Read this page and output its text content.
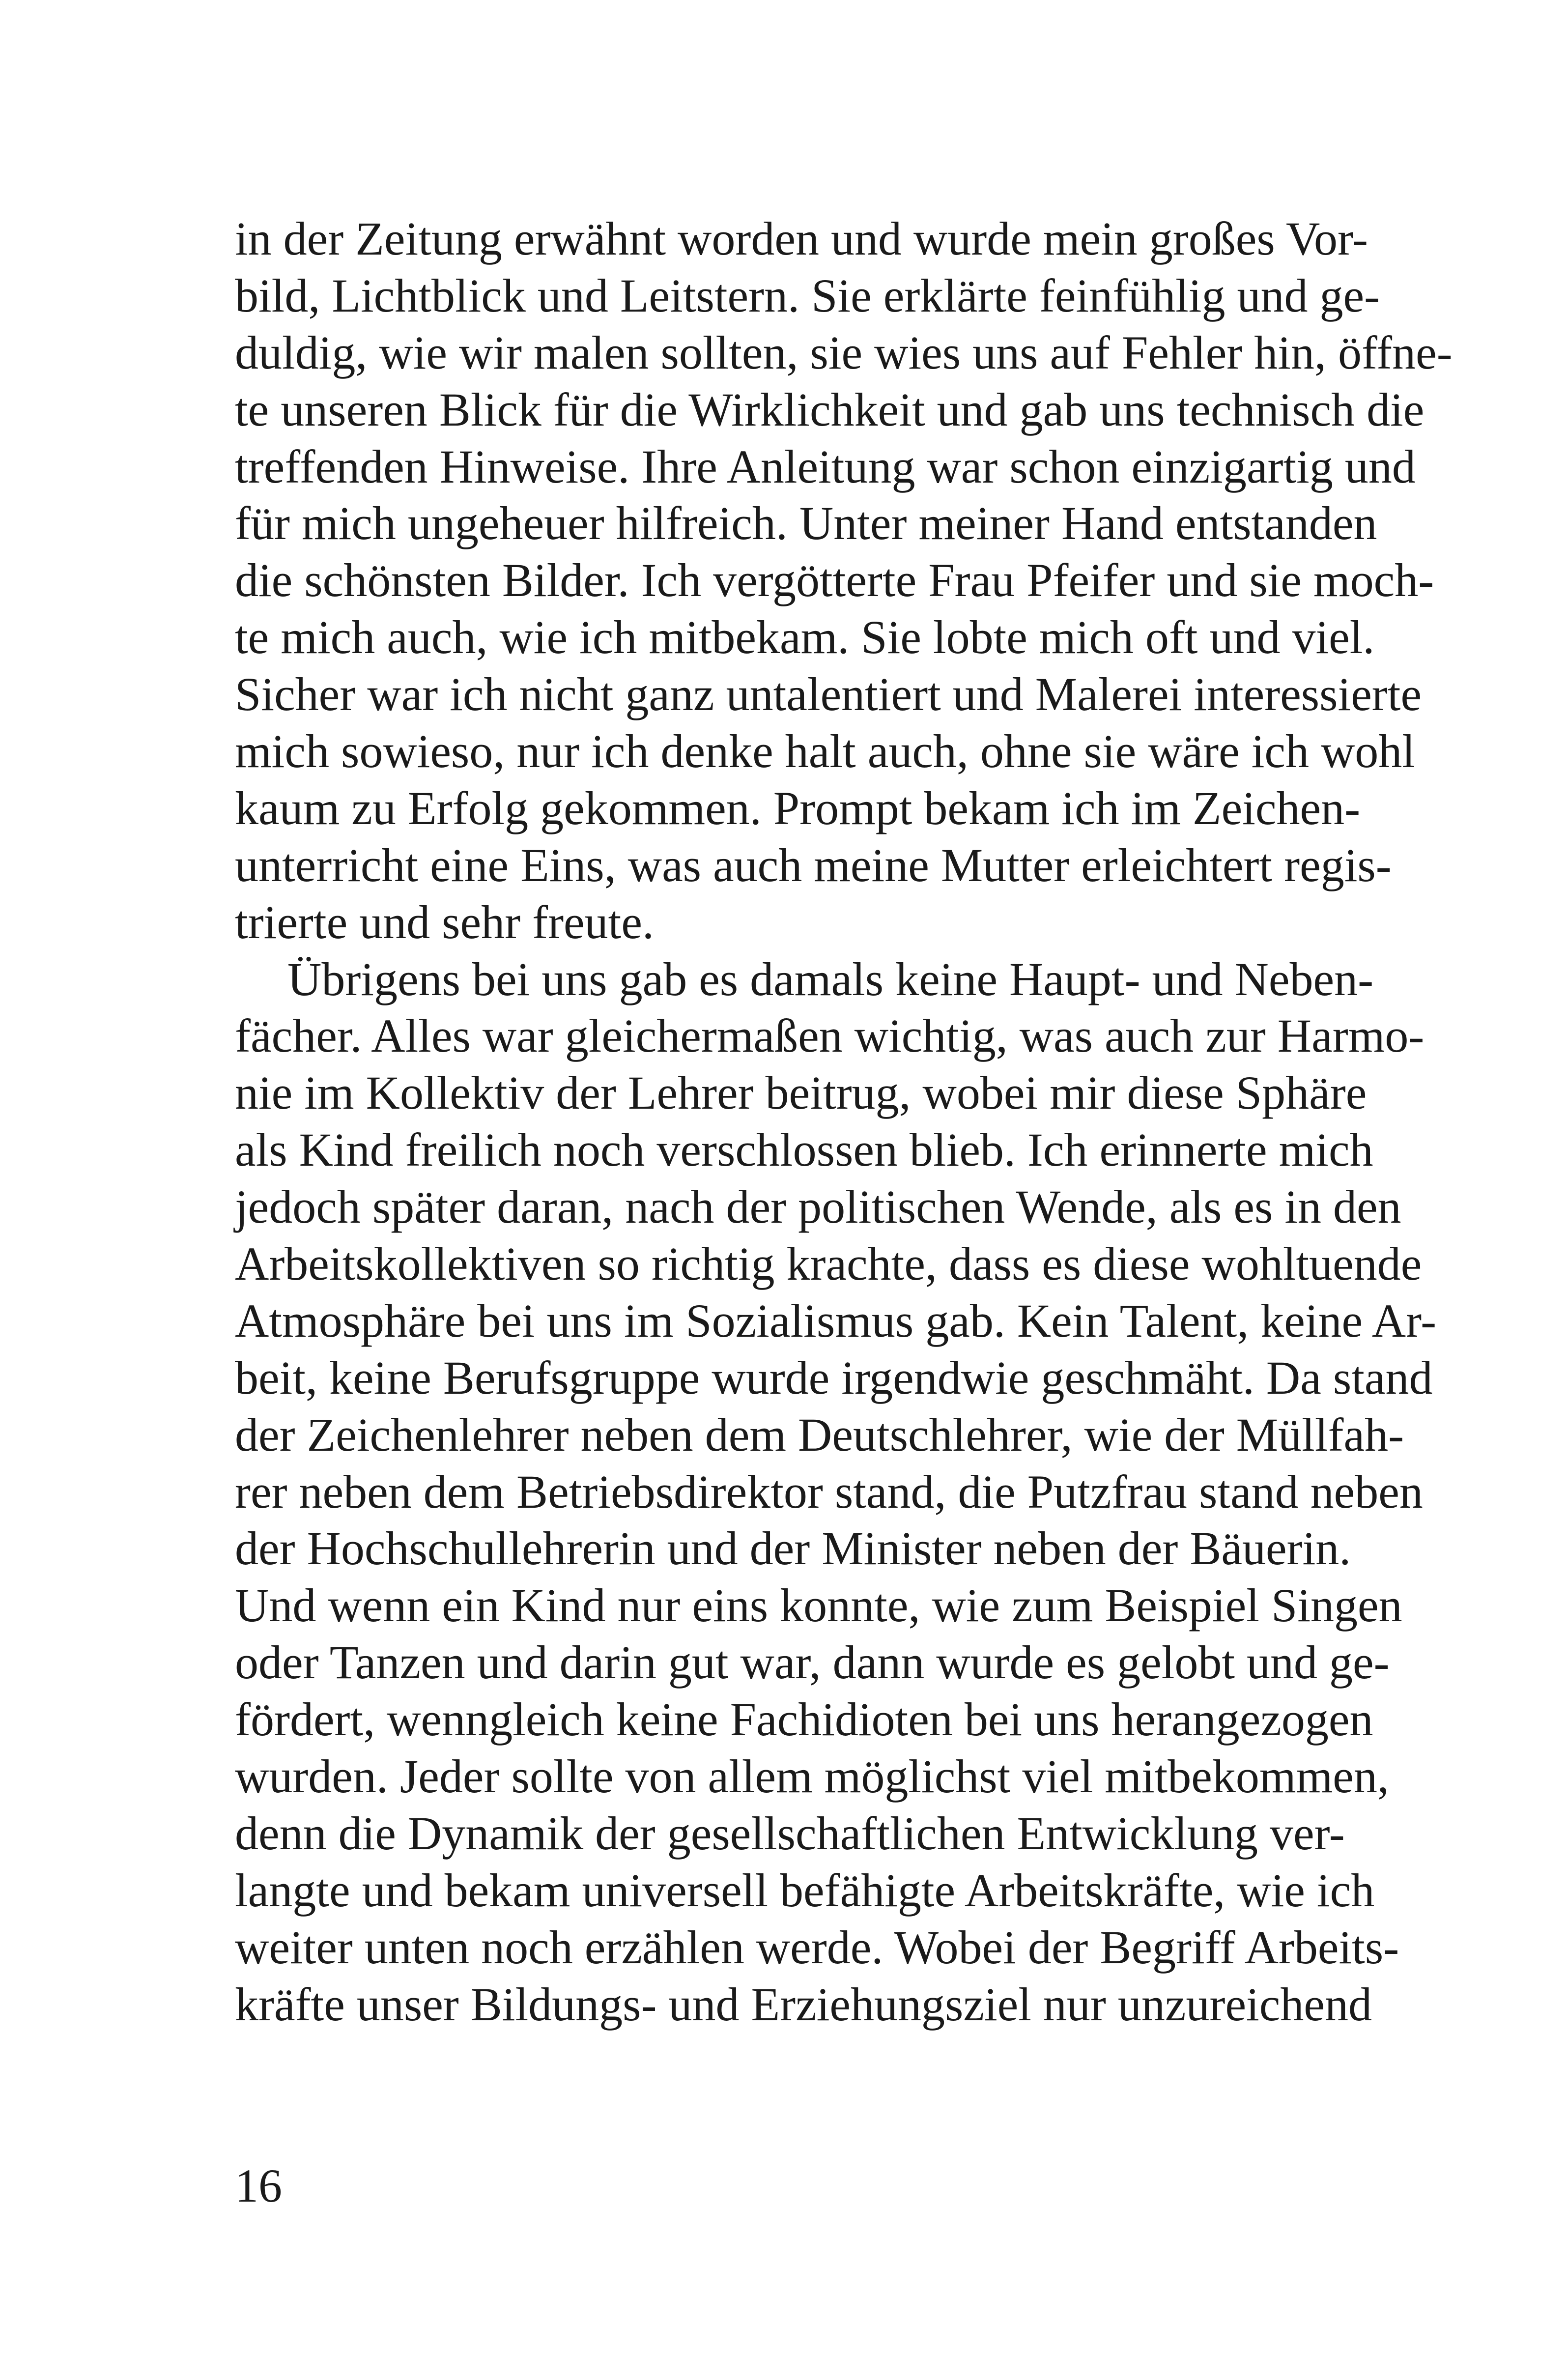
in der Zeitung erwähnt worden und wurde mein großes Vor-
bild, Lichtblick und Leitstern. Sie erklärte feinfühlig und ge-
duldig, wie wir malen sollten, sie wies uns auf Fehler hin, öffne-
te unseren Blick für die Wirklichkeit und gab uns technisch die
treffenden Hinweise. Ihre Anleitung war schon einzigartig und
für mich ungeheuer hilfreich. Unter meiner Hand entstanden
die schönsten Bilder. Ich vergötterte Frau Pfeifer und sie moch-
te mich auch, wie ich mitbekam. Sie lobte mich oft und viel.
Sicher war ich nicht ganz untalentiert und Malerei interessierte
mich sowieso, nur ich denke halt auch, ohne sie wäre ich wohl
kaum zu Erfolg gekommen. Prompt bekam ich im Zeichen-
unterricht eine Eins, was auch meine Mutter erleichtert regis-
trierte und sehr freute.
Übrigens bei uns gab es damals keine Haupt- und Neben-
fächer. Alles war gleichermaßen wichtig, was auch zur Harmo-
nie im Kollektiv der Lehrer beitrug, wobei mir diese Sphäre
als Kind freilich noch verschlossen blieb. Ich erinnerte mich
jedoch später daran, nach der politischen Wende, als es in den
Arbeitskollektiven so richtig krachte, dass es diese wohltuende
Atmosphäre bei uns im Sozialismus gab. Kein Talent, keine Ar-
beit, keine Berufsgruppe wurde irgendwie geschmäht. Da stand
der Zeichenlehrer neben dem Deutschlehrer, wie der Müllfah-
rer neben dem Betriebsdirektor stand, die Putzfrau stand neben
der Hochschullehrerin und der Minister neben der Bäuerin.
Und wenn ein Kind nur eins konnte, wie zum Beispiel Singen
oder Tanzen und darin gut war, dann wurde es gelobt und ge-
fördert, wenngleich keine Fachidioten bei uns herangezogen
wurden. Jeder sollte von allem möglichst viel mitbekommen,
denn die Dynamik der gesellschaftlichen Entwicklung ver-
langte und bekam universell befähigte Arbeitskräfte, wie ich
weiter unten noch erzählen werde. Wobei der Begriff Arbeits-
kräfte unser Bildungs- und Erziehungsziel nur unzureichend
16
